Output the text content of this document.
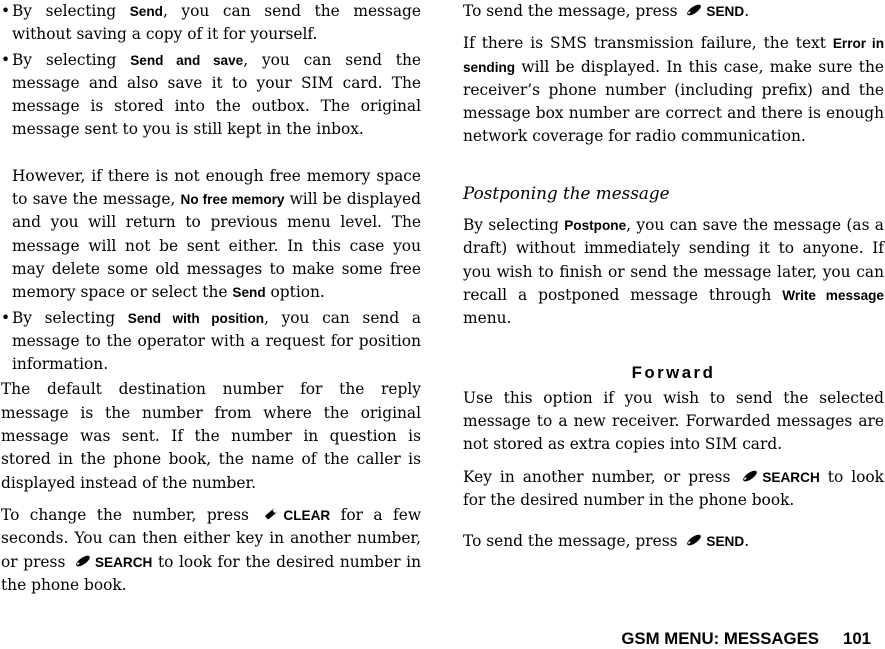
• By selecting Send, you can send the message without saving a copy of it for yourself.

• By selecting Send and save, you can send the message and also save it to your SIM card. The message is stored into the outbox. The original message sent to you is still kept in the inbox.

However, if there is not enough free memory space to save the message, No free memory will be displayed and you will return to previous menu level. The message will not be sent either. In this case you may delete some old messages to make some free memory space or select the Send option.

• By selecting Send with position, you can send a message to the operator with a request for position information.

The default destination number for the reply message is the number from where the original message was sent. If the number in question is stored in the phone book, the name of the caller is displayed instead of the number.

To change the number, press
CLEAR for a few seconds. You can then either key in another number, or press
SEARCH to look for the desired number in the phone book.

To send the message, press
SEND.

If there is SMS transmission failure, the text Error in sending will be displayed. In this case, make sure the receiver’s phone number (including prefix) and the message box number are correct and there is enough network coverage for radio communication.

Postponing the message

By selecting Postpone, you can save the message (as a draft) without immediately sending it to anyone. If you wish to finish or send the message later, you can recall a postponed message through Write message menu.

Forward

Use this option if you wish to send the selected message to a new receiver. Forwarded messages are not stored as extra copies into SIM card.

Key in another number, or press
SEARCH to look for the desired number in the phone book.

To send the message, press
SEND.

GSM MENU: MESSAGES 101
